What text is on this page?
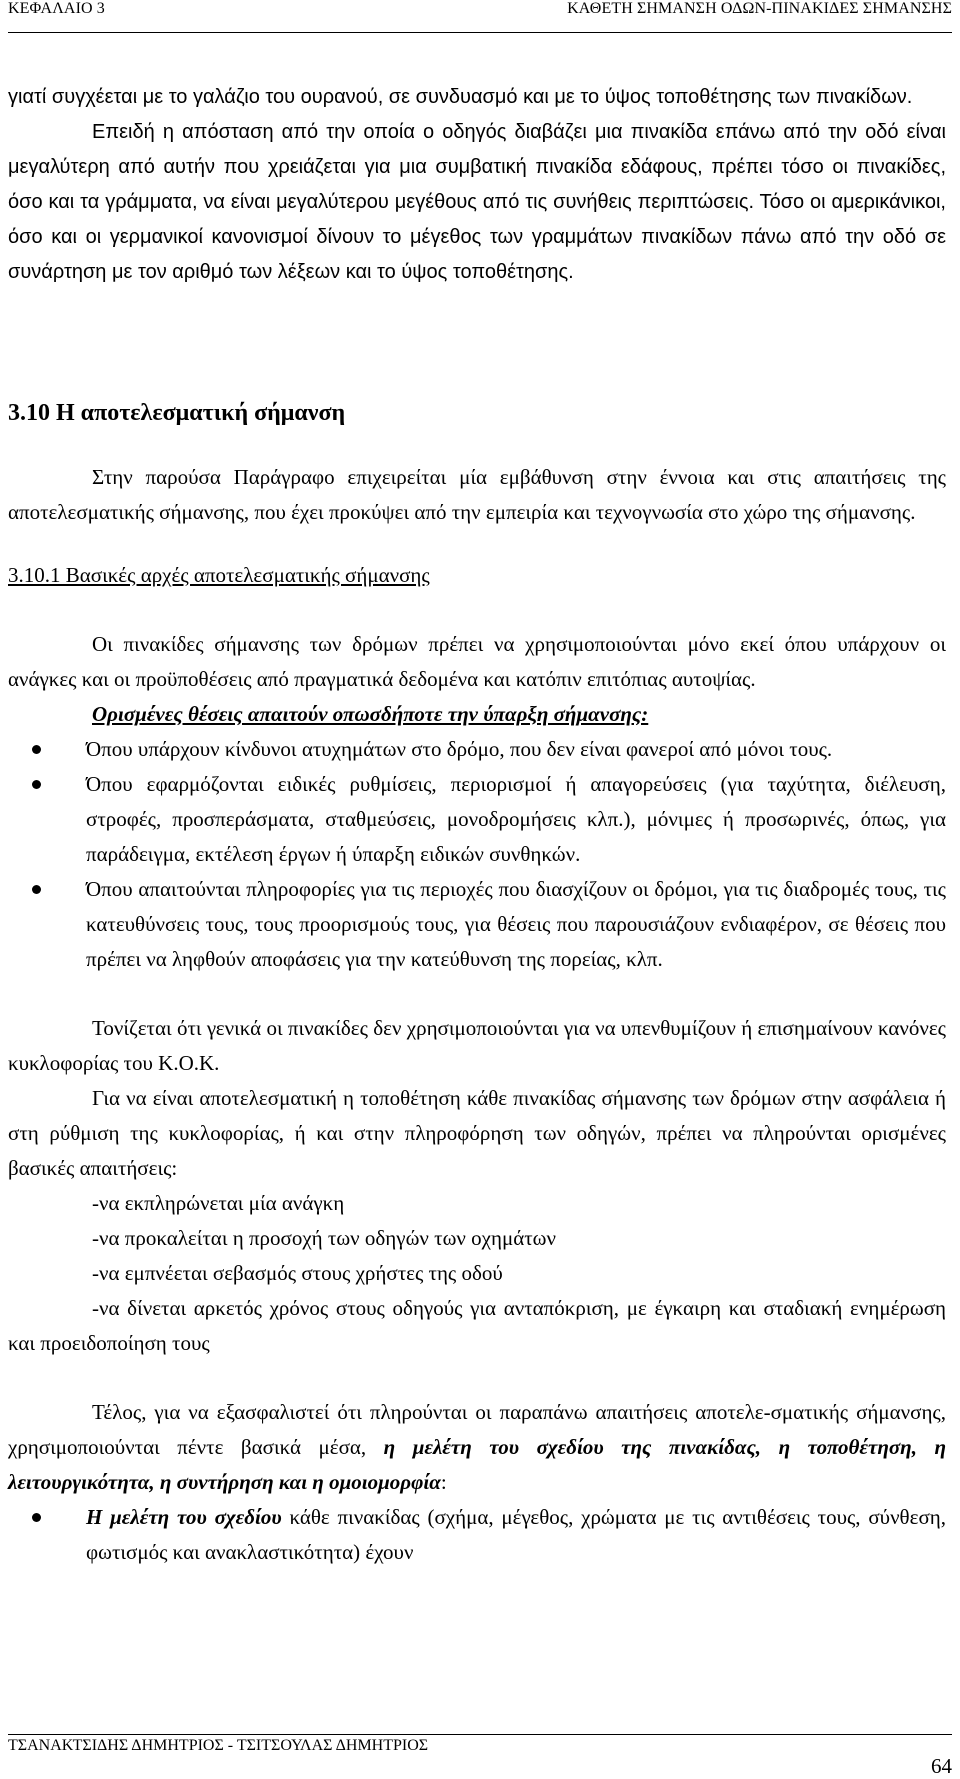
ΚΕΦΑΛΑΙΟ 3	ΚΑΘΕΤΗ ΣΗΜΑΝΣΗ ΟΔΩΝ-ΠΙΝΑΚΙΔΕΣ ΣΗΜΑΝΣΗΣ

γιατί συγχέεται με το γαλάζιο του ουρανού, σε συνδυασμό και με το ύψος τοποθέτησης των πινακίδων.

Επειδή η απόσταση από την οποία ο οδηγός διαβάζει μια πινακίδα επάνω από την οδό είναι μεγαλύτερη από αυτήν που χρειάζεται για μια συμβατική πινακίδα εδάφους, πρέπει τόσο οι πινακίδες, όσο και τα γράμματα, να είναι μεγαλύτερου μεγέθους από τις συνήθεις περιπτώσεις. Τόσο οι αμερικάνικοι, όσο και οι γερμανικοί κανονισμοί δίνουν το μέγεθος των γραμμάτων πινακίδων πάνω από την οδό σε συνάρτηση με τον αριθμό των λέξεων και το ύψος τοποθέτησης.

3.10 Η αποτελεσματική σήμανση

Στην παρούσα Παράγραφο επιχειρείται μία εμβάθυνση στην έννοια και στις απαιτήσεις της αποτελεσματικής σήμανσης, που έχει προκύψει από την εμπειρία και τεχνογνωσία στο χώρο της σήμανσης.

3.10.1 Βασικές αρχές αποτελεσματικής σήμανσης

Οι πινακίδες σήμανσης των δρόμων πρέπει να χρησιμοποιούνται μόνο εκεί όπου υπάρχουν οι ανάγκες και οι προϋποθέσεις από πραγματικά δεδομένα και κατόπιν επιτόπιας αυτοψίας.

Ορισμένες θέσεις απαιτούν οπωσδήποτε την ύπαρξη σήμανσης:

Όπου υπάρχουν κίνδυνοι ατυχημάτων στο δρόμο, που δεν είναι φανεροί από μόνοι τους.
Όπου εφαρμόζονται ειδικές ρυθμίσεις, περιορισμοί ή απαγορεύσεις (για ταχύτητα, διέλευση, στροφές, προσπεράσματα, σταθμεύσεις, μονοδρομήσεις κλπ.), μόνιμες ή προσωρινές, όπως, για παράδειγμα, εκτέλεση έργων ή ύπαρξη ειδικών συνθηκών.
Όπου απαιτούνται πληροφορίες για τις περιοχές που διασχίζουν οι δρόμοι, για τις διαδρομές τους, τις κατευθύνσεις τους, τους προορισμούς τους, για θέσεις που παρουσιάζουν ενδιαφέρον, σε θέσεις που πρέπει να ληφθούν αποφάσεις για την κατεύθυνση της πορείας, κλπ.

Τονίζεται ότι γενικά οι πινακίδες δεν χρησιμοποιούνται για να υπενθυμίζουν ή επισημαίνουν κανόνες κυκλοφορίας του Κ.Ο.Κ.

Για να είναι αποτελεσματική η τοποθέτηση κάθε πινακίδας σήμανσης των δρόμων στην ασφάλεια ή στη ρύθμιση της κυκλοφορίας, ή και στην πληροφόρηση των οδηγών, πρέπει να πληρούνται ορισμένες βασικές απαιτήσεις:

-να εκπληρώνεται μία ανάγκη

-να προκαλείται η προσοχή των οδηγών των οχημάτων

-να εμπνέεται σεβασμός στους χρήστες της οδού

-να δίνεται αρκετός χρόνος στους οδηγούς για ανταπόκριση, με έγκαιρη και σταδιακή ενημέρωση και προειδοποίηση τους

Τέλος, για να εξασφαλιστεί ότι πληρούνται οι παραπάνω απαιτήσεις αποτελε-σματικής σήμανσης, χρησιμοποιούνται πέντε βασικά μέσα, η μελέτη του σχεδίου της πινακίδας, η τοποθέτηση, η λειτουργικότητα, η συντήρηση και η ομοιομορφία:

Η μελέτη του σχεδίου κάθε πινακίδας (σχήμα, μέγεθος, χρώματα με τις αντιθέσεις τους, σύνθεση, φωτισμός και ανακλαστικότητα) έχουν
ΤΣΑΝΑΚΤΣΙΔΗΣ ΔΗΜΗΤΡΙΟΣ - ΤΣΙΤΣΟΥΛΑΣ ΔΗΜΗΤΡΙΟΣ
64
